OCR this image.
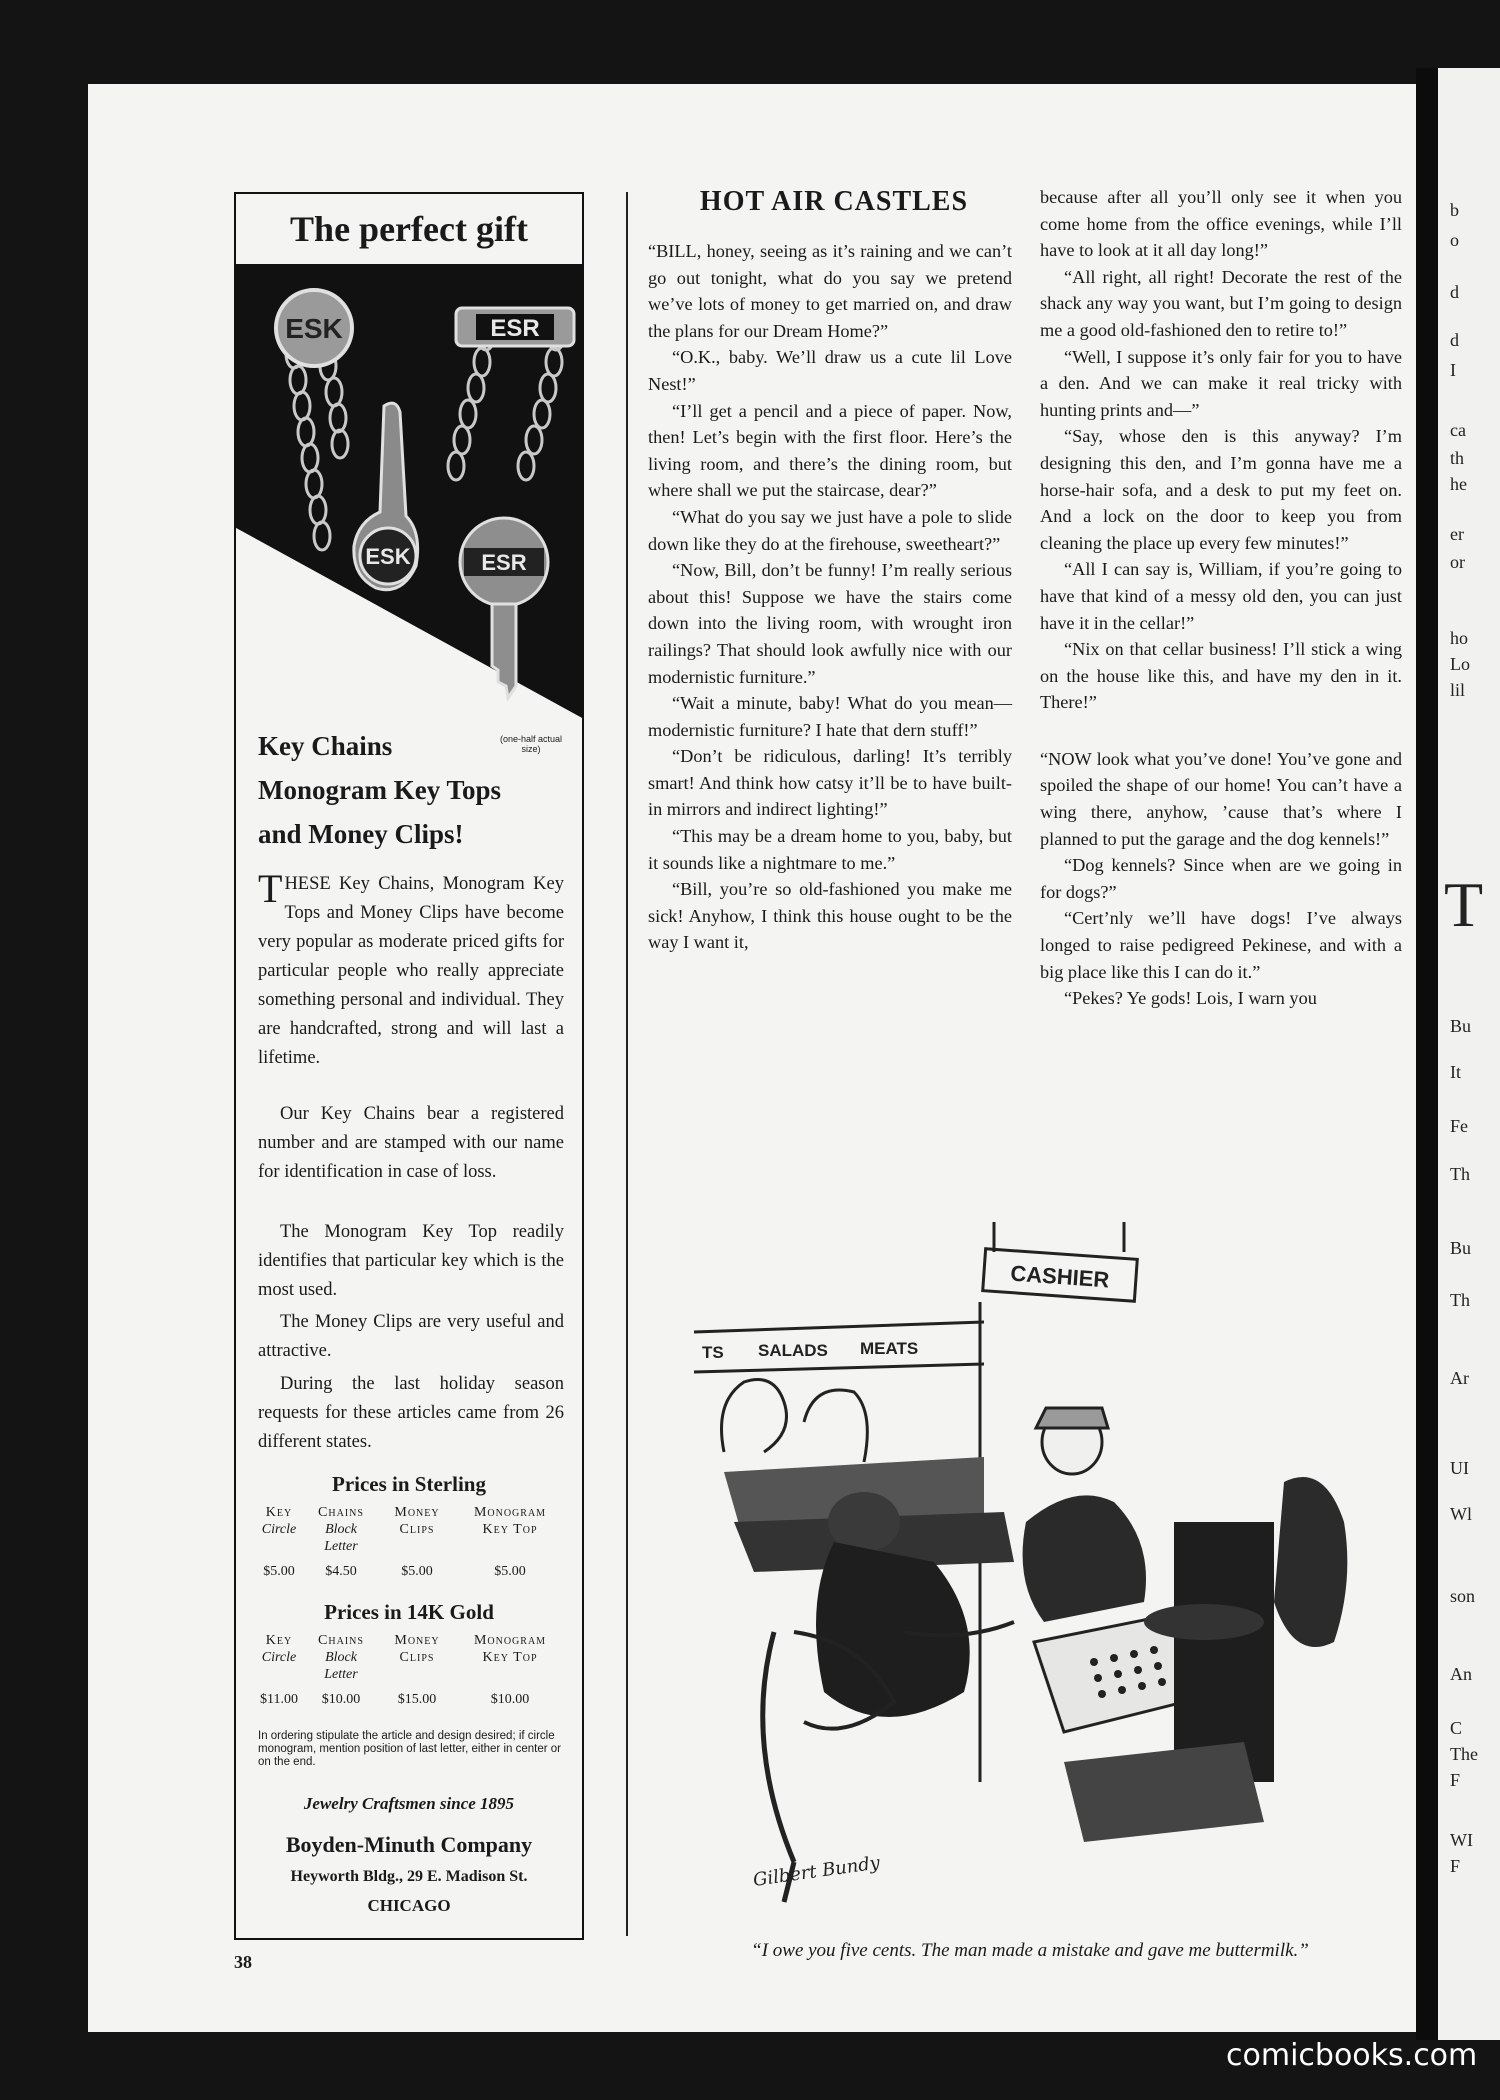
b
o
d
d
I
ca
th
he
er
or
ho
Lo
lil
T
Bu
It
Fe
Th
Bu
Th
Ar
UI
Wl
son
An
C
The
F
WI
F
The perfect gift
ESK	ESR
ESK	ESR
Key Chains
Monogram Key Tops
and Money Clips!
(one-half actual size)
THESE Key Chains, Monogram Key Tops and Money Clips have become very popular as moderate priced gifts for particular people who really appreciate something personal and individual. They are handcrafted, strong and will last a lifetime.
Our Key Chains bear a registered number and are stamped with our name for identification in case of loss.
The Monogram Key Top readily identifies that particular key which is the most used.
The Money Clips are very useful and attractive.
During the last holiday season requests for these articles came from 26 different states.
Prices in Sterling
Key	Chains	Money	Monogram
Circle	Block	Clips	Key Top
Letter
$5.00	$4.50	$5.00	$5.00
Prices in 14K Gold
Key	Chains	Money	Monogram
Circle	Block	Clips	Key Top
Letter
$11.00	$10.00	$15.00	$10.00
In ordering stipulate the article and design desired; if circle monogram, mention position of last letter, either in center or on the end.
Jewelry Craftsmen since 1895
Boyden-Minuth Company
Heyworth Bldg., 29 E. Madison St.
CHICAGO
HOT AIR CASTLES

“BILL, honey, seeing as it’s raining and we can’t go out tonight, what do you say we pretend we’ve lots of money to get married on, and draw the plans for our Dream Home?”

“O.K., baby. We’ll draw us a cute lil Love Nest!”

“I’ll get a pencil and a piece of paper. Now, then! Let’s begin with the first floor. Here’s the living room, and there’s the dining room, but where shall we put the staircase, dear?”

“What do you say we just have a pole to slide down like they do at the firehouse, sweetheart?”

“Now, Bill, don’t be funny! I’m really serious about this! Suppose we have the stairs come down into the living room, with wrought iron railings? That should look awfully nice with our modernistic furniture.”

“Wait a minute, baby! What do you mean—modernistic furniture? I hate that dern stuff!”

“Don’t be ridiculous, darling! It’s terribly smart! And think how catsy it’ll be to have built-in mirrors and indirect lighting!”

“This may be a dream home to you, baby, but it sounds like a nightmare to me.”

“Bill, you’re so old-fashioned you make me sick! Anyhow, I think this house ought to be the way I want it,

because after all you’ll only see it when you come home from the office evenings, while I’ll have to look at it all day long!”

“All right, all right! Decorate the rest of the shack any way you want, but I’m going to design me a good old-fashioned den to retire to!”

“Well, I suppose it’s only fair for you to have a den. And we can make it real tricky with hunting prints and—”

“Say, whose den is this anyway? I’m designing this den, and I’m gonna have me a horse-hair sofa, and a desk to put my feet on. And a lock on the door to keep you from cleaning the place up every few minutes!”

“All I can say is, William, if you’re going to have that kind of a messy old den, you can just have it in the cellar!”

“Nix on that cellar business! I’ll stick a wing on the house like this, and have my den in it. There!”

“NOW look what you’ve done! You’ve gone and spoiled the shape of our home! You can’t have a wing there, anyhow, ’cause that’s where I planned to put the garage and the dog kennels!”

“Dog kennels? Since when are we going in for dogs?”

“Cert’nly we’ll have dogs! I’ve always longed to raise pedigreed Pekinese, and with a big place like this I can do it.”

“Pekes? Ye gods! Lois, I warn you

CASHIER
TS SALADS MEATS
Gilbert Bundy
“I owe you five cents. The man made a mistake and gave me buttermilk.”
38
comicbooks.com
